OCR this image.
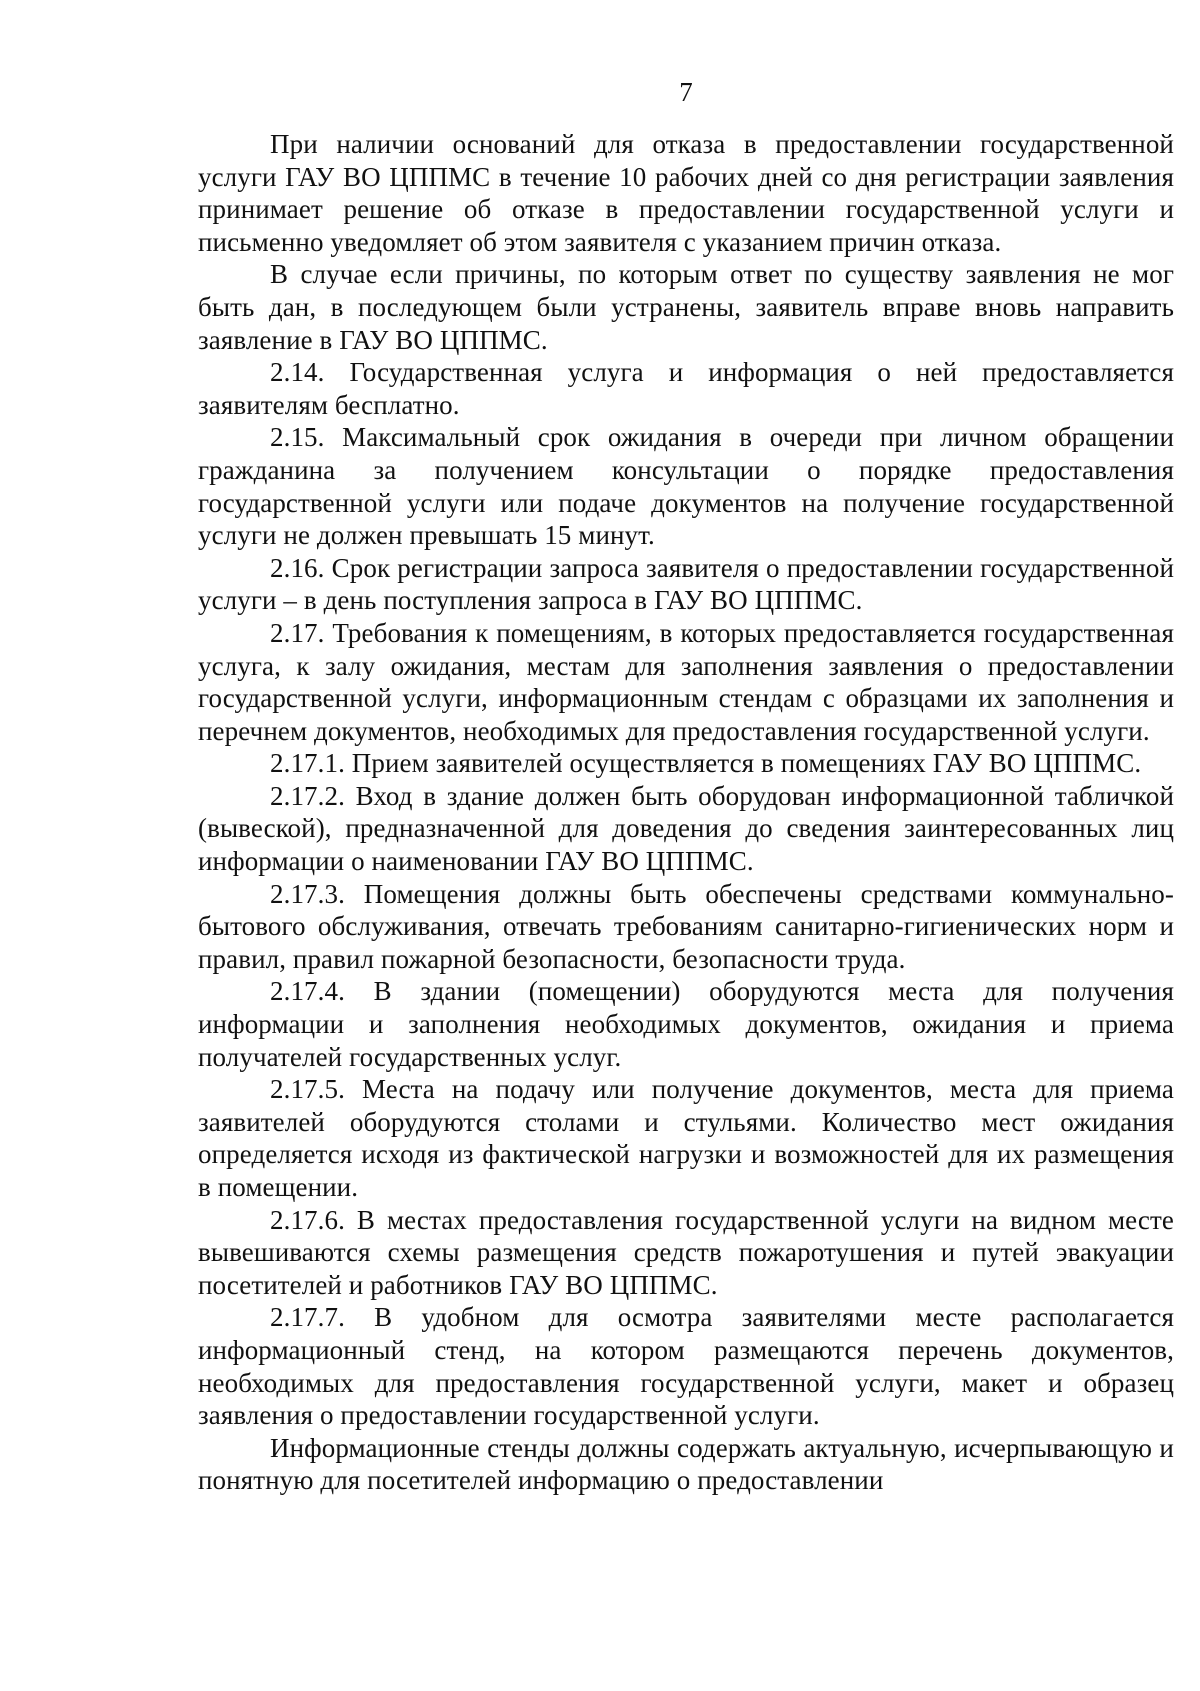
7

При наличии оснований для отказа в предоставлении государственной услуги ГАУ ВО ЦППМС в течение 10 рабочих дней со дня регистрации заявления принимает решение об отказе в предоставлении государственной услуги и письменно уведомляет об этом заявителя с указанием причин отказа.

В случае если причины, по которым ответ по существу заявления не мог быть дан, в последующем были устранены, заявитель вправе вновь направить заявление в ГАУ ВО ЦППМС.

2.14. Государственная услуга и информация о ней предоставляется заявителям бесплатно.

2.15. Максимальный срок ожидания в очереди при личном обращении гражданина за получением консультации о порядке предоставления государственной услуги или подаче документов на получение государственной услуги не должен превышать 15 минут.

2.16. Срок регистрации запроса заявителя о предоставлении государственной услуги – в день поступления запроса в ГАУ ВО ЦППМС.

2.17. Требования к помещениям, в которых предоставляется государственная услуга, к залу ожидания, местам для заполнения заявления о предоставлении государственной услуги, информационным стендам с образцами их заполнения и перечнем документов, необходимых для предоставления государственной услуги.

2.17.1. Прием заявителей осуществляется в помещениях ГАУ ВО ЦППМС.

2.17.2. Вход в здание должен быть оборудован информационной табличкой (вывеской), предназначенной для доведения до сведения заинтересованных лиц информации о наименовании ГАУ ВО ЦППМС.

2.17.3. Помещения должны быть обеспечены средствами коммунально-бытового обслуживания, отвечать требованиям санитарно-гигиенических норм и правил, правил пожарной безопасности, безопасности труда.

2.17.4. В здании (помещении) оборудуются места для получения информации и заполнения необходимых документов, ожидания и приема получателей государственных услуг.

2.17.5. Места на подачу или получение документов, места для приема заявителей оборудуются столами и стульями. Количество мест ожидания определяется исходя из фактической нагрузки и возможностей для их размещения в помещении.

2.17.6. В местах предоставления государственной услуги на видном месте вывешиваются схемы размещения средств пожаротушения и путей эвакуации посетителей и работников ГАУ ВО ЦППМС.

2.17.7. В удобном для осмотра заявителями месте располагается информационный стенд, на котором размещаются перечень документов, необходимых для предоставления государственной услуги, макет и образец заявления о предоставлении государственной услуги.

Информационные стенды должны содержать актуальную, исчерпывающую и понятную для посетителей информацию о предоставлении
